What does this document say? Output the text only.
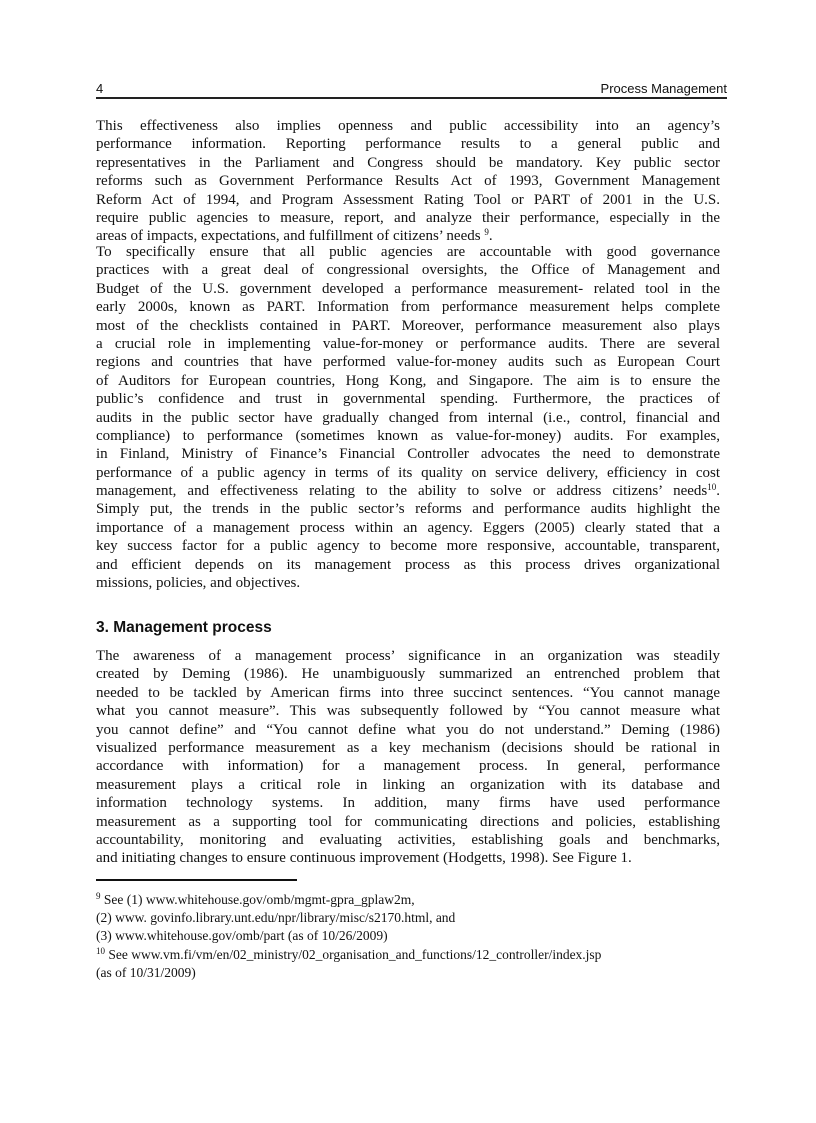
4	Process Management
This effectiveness also implies openness and public accessibility into an agency’s
performance information. Reporting performance results to a general public and
representatives in the Parliament and Congress should be mandatory. Key public sector
reforms such as Government Performance Results Act of 1993, Government Management
Reform Act of 1994, and Program Assessment Rating Tool or PART of 2001 in the U.S.
require public agencies to measure, report, and analyze their performance, especially in the
areas of impacts, expectations, and fulfillment of citizens’ needs $^9$.
To specifically ensure that all public agencies are accountable with good governance
practices with a great deal of congressional oversights, the Office of Management and
Budget of the U.S. government developed a performance measurement- related tool in the
early 2000s, known as PART. Information from performance measurement helps complete
most of the checklists contained in PART. Moreover, performance measurement also plays
a crucial role in implementing value-for-money or performance audits. There are several
regions and countries that have performed value-for-money audits such as European Court
of Auditors for European countries, Hong Kong, and Singapore. The aim is to ensure the
public’s confidence and trust in governmental spending. Furthermore, the practices of
audits in the public sector have gradually changed from internal (i.e., control, financial and
compliance) to performance (sometimes known as value-for-money) audits. For examples,
in Finland, Ministry of Finance’s Financial Controller advocates the need to demonstrate
performance of a public agency in terms of its quality on service delivery, efficiency in cost
management, and effectiveness relating to the ability to solve or address citizens’ needs$^{10}$.
Simply put, the trends in the public sector’s reforms and performance audits highlight the
importance of a management process within an agency. Eggers (2005) clearly stated that a
key success factor for a public agency to become more responsive, accountable, transparent,
and efficient depends on its management process as this process drives organizational
missions, policies, and objectives.
3. Management process
The awareness of a management process’ significance in an organization was steadily
created by Deming (1986). He unambiguously summarized an entrenched problem that
needed to be tackled by American firms into three succinct sentences. “You cannot manage
what you cannot measure”. This was subsequently followed by “You cannot measure what
you cannot define” and “You cannot define what you do not understand.” Deming (1986)
visualized performance measurement as a key mechanism (decisions should be rational in
accordance with information) for a management process. In general, performance
measurement plays a critical role in linking an organization with its database and
information technology systems. In addition, many firms have used performance
measurement as a supporting tool for communicating directions and policies, establishing
accountability, monitoring and evaluating activities, establishing goals and benchmarks,
and initiating changes to ensure continuous improvement (Hodgetts, 1998). See Figure 1.
$^9$ See (1) www.whitehouse.gov/omb/mgmt-gpra_gplaw2m,
(2) www. govinfo.library.unt.edu/npr/library/misc/s2170.html, and
(3) www.whitehouse.gov/omb/part (as of 10/26/2009)
$^{10}$ See www.vm.fi/vm/en/02_ministry/02_organisation_and_functions/12_controller/index.jsp
(as of 10/31/2009)
